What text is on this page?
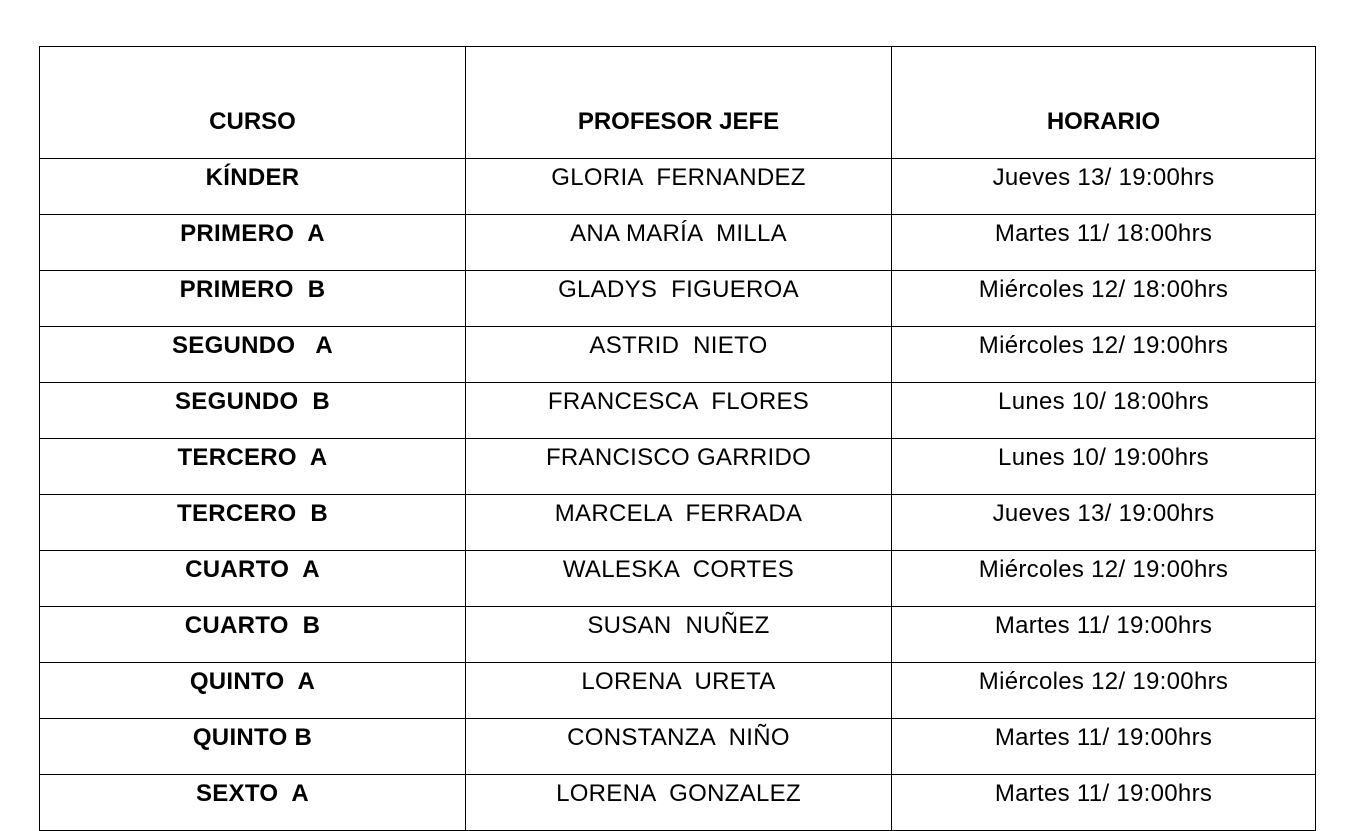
CURSO	PROFESOR JEFE	HORARIO
KÍNDER	GLORIA  FERNANDEZ	Jueves 13/ 19:00hrs
PRIMERO  A	ANA MARÍA  MILLA	Martes 11/ 18:00hrs
PRIMERO  B	GLADYS  FIGUEROA	Miércoles 12/ 18:00hrs
SEGUNDO   A	ASTRID  NIETO	Miércoles 12/ 19:00hrs
SEGUNDO  B	FRANCESCA  FLORES	Lunes 10/ 18:00hrs
TERCERO  A	FRANCISCO GARRIDO	Lunes 10/ 19:00hrs
TERCERO  B	MARCELA  FERRADA	Jueves 13/ 19:00hrs
CUARTO  A	WALESKA  CORTES	Miércoles 12/ 19:00hrs
CUARTO  B	SUSAN  NUÑEZ	Martes 11/ 19:00hrs
QUINTO  A	LORENA  URETA	Miércoles 12/ 19:00hrs
QUINTO B	CONSTANZA  NIÑO	Martes 11/ 19:00hrs
SEXTO  A	LORENA  GONZALEZ	Martes 11/ 19:00hrs
